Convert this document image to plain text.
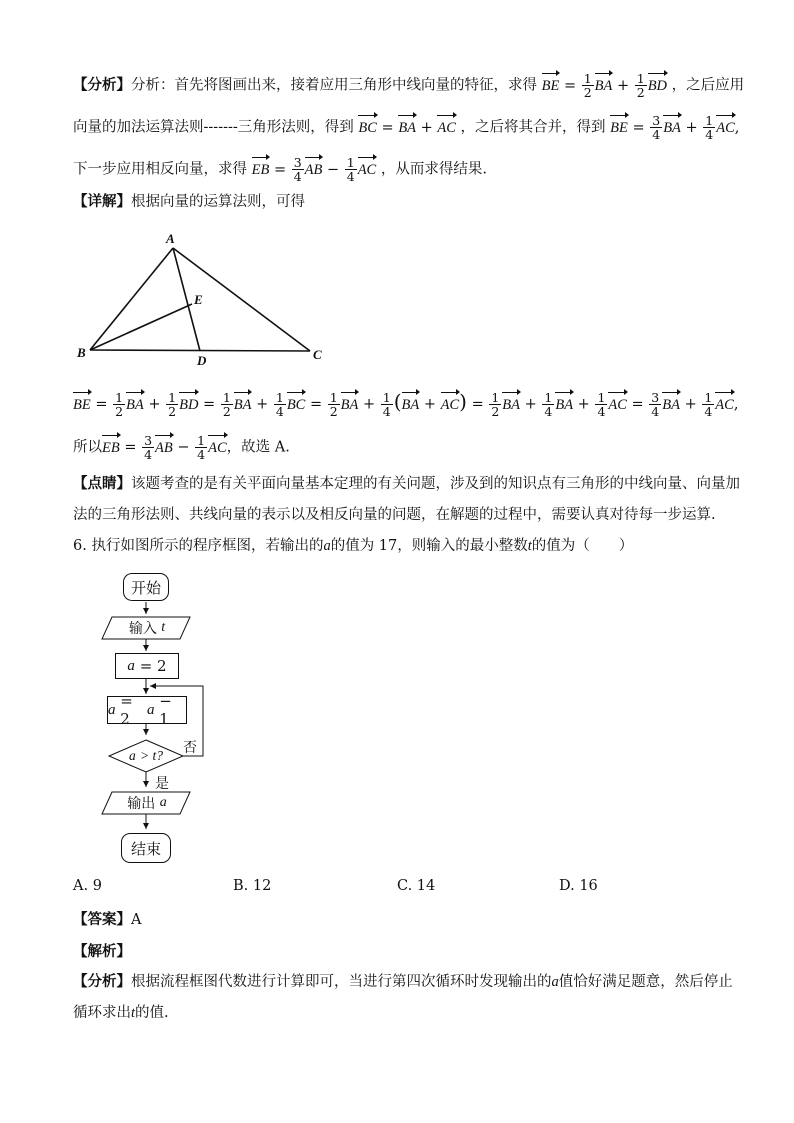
【分析】分析：首先将图画出来，接着应用三角形中线向量的特征，求得 BE = $\frac{1}{2}$ BA + $\frac{1}{2}$ BD ，之后应用
向量的加法运算法则-------三角形法则，得到 BC = BA + AC ，之后将其合并，得到 BE = $\frac{3}{4}$ BA + $\frac{1}{4}$ AC,
下一步应用相反向量，求得 EB = $\frac{3}{4}$ AB − $\frac{1}{4}$ AC ，从而求得结果.
【详解】根据向量的运算法则，可得
A
B	C
D
E
BE = $\frac{1}{2}$ BA + $\frac{1}{2}$ BD = $\frac{1}{2}$ BA + $\frac{1}{4}$ BC = $\frac{1}{2}$ BA + $\frac{1}{4} (BA + AC) = \frac{1}{2}$ BA + $\frac{1}{4}$ BA + $\frac{1}{4}$ AC = $\frac{3}{4}$ BA + $\frac{1}{4}$ AC,
所以EB = $\frac{3}{4}$ AB − $\frac{1}{4}$ AC，故选 A.
【点睛】该题考查的是有关平面向量基本定理的有关问题，涉及到的知识点有三角形的中线向量、向量加
法的三角形法则、共线向量的表示以及相反向量的问题，在解题的过程中，需要认真对待每一步运算.
6. 执行如图所示的程序框图，若输出的a的值为 17，则输入的最小整数t的值为（　　）
开始
输入
t
a
= 2
a
= 2
a
− 1
a
> t? 否
是
输出
a
结束
A. 9	B. 12	C. 14	D. 16
【答案】A
【解析】
【分析】根据流程框图代数进行计算即可，当进行第四次循环时发现输出的a值恰好满足题意，然后停止
循环求出t的值.
